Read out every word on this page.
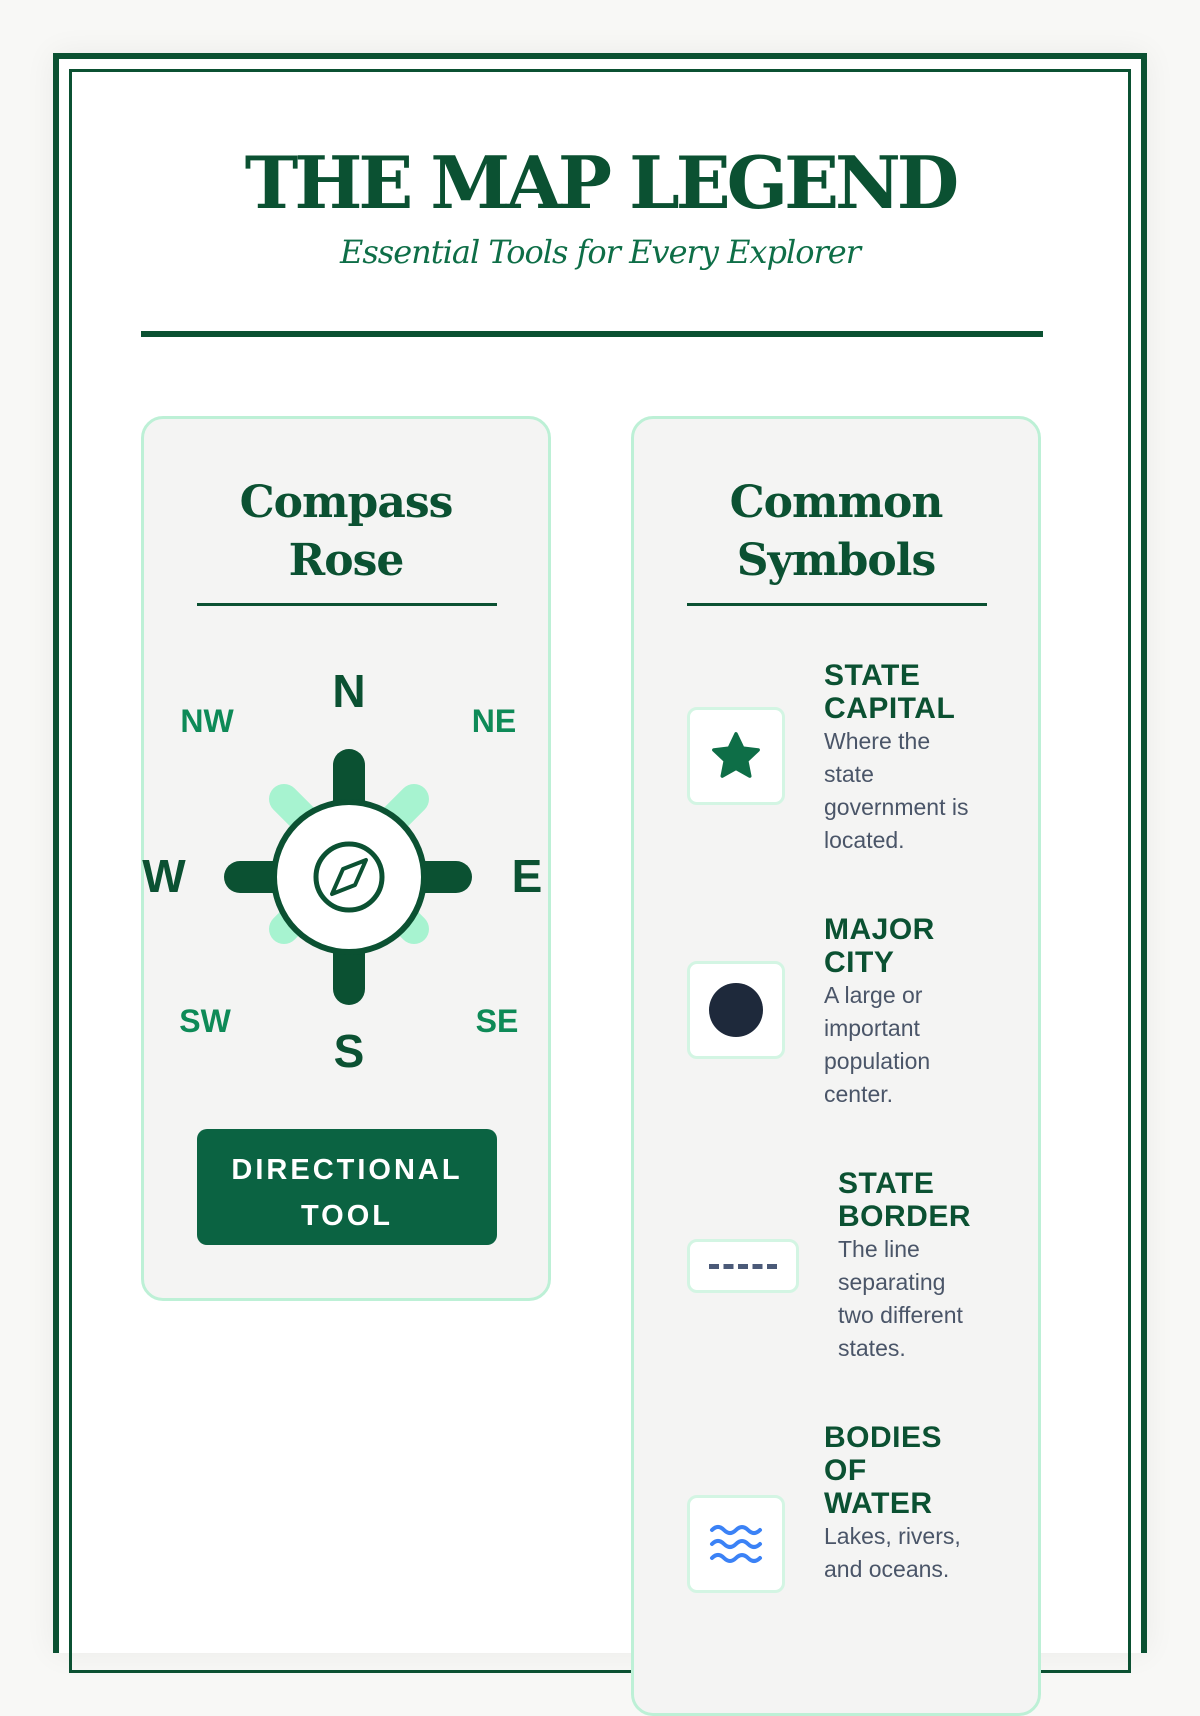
THE MAP LEGEND
Essential Tools for Every Explorer
Compass
Rose
N
S
W	E
NW	NE
SW	SE
DIRECTIONAL
TOOL
Common
Symbols
STATE
CAPITAL
Where the
state
government is
located.
MAJOR
CITY
A large or
important
population
center.
STATE
BORDER
The line
separating
two different
states.
BODIES
OF
WATER
Lakes, rivers,
and oceans.
